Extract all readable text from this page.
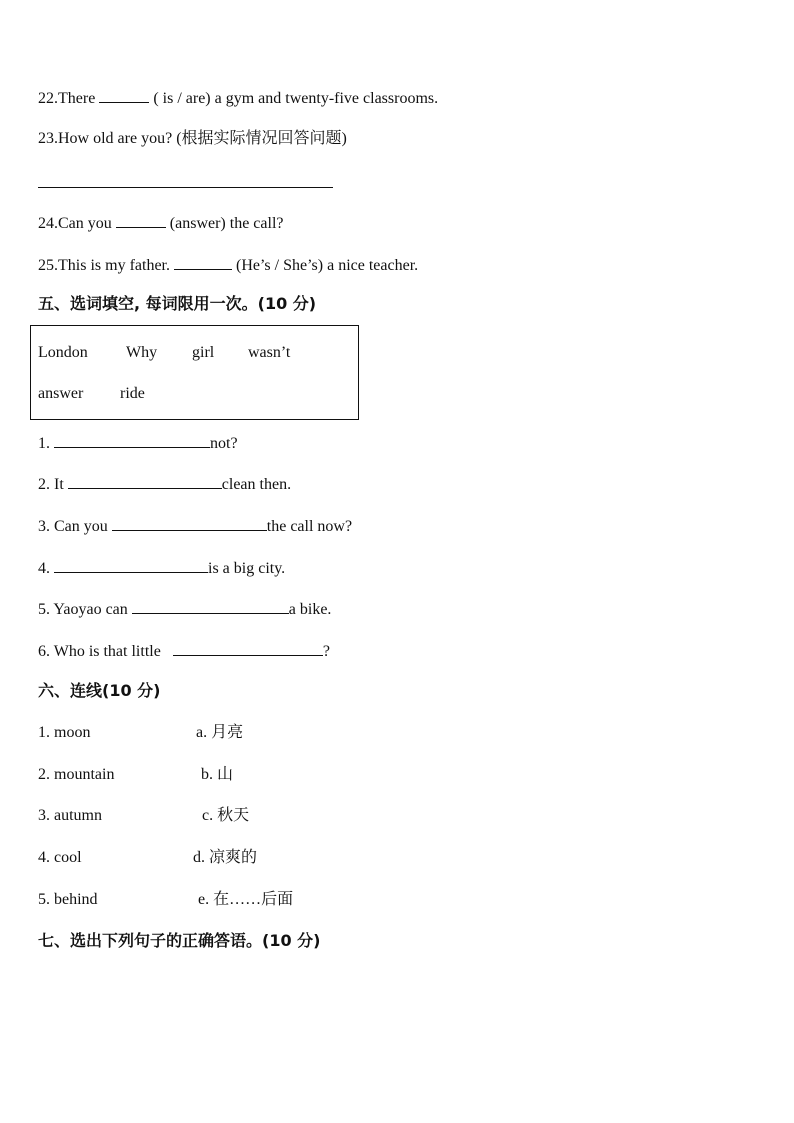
22.There	( is / are) a gym and twenty-five classrooms.
23.How old are you? (根据实际情况回答问题)
24.Can you	(answer) the call?
25.This is my father.	(He’s / She’s) a nice teacher.
五、选词填空, 每词限用一次。(10 分)
London Why girl wasn’t
answer ride
1.	not?
2. It	clean then.
3. Can you	the call now?
4.	is a big city.
5. Yaoyao can	a bike.
6. Who is that little	?
六、连线(10 分)
1. moon	a. 月亮
2. mountain	b. 山
3. autumn	c. 秋天
4. cool	d. 凉爽的
5. behind	e. 在……后面
七、选出下列句子的正确答语。(10 分)
